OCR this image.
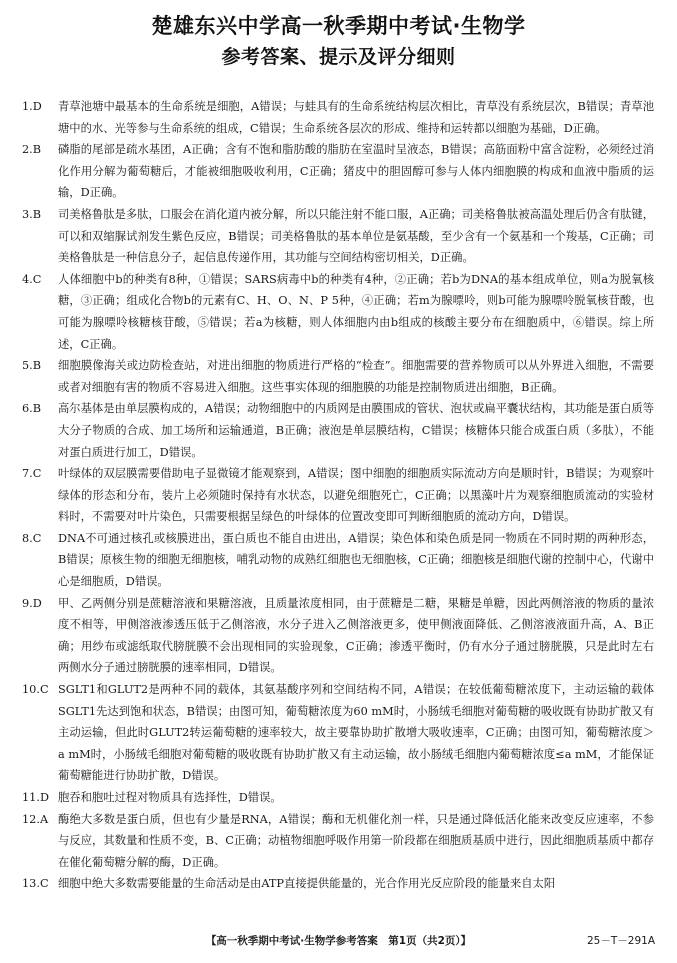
楚雄东兴中学高一秋季期中考试·生物学
参考答案、提示及评分细则
1.D 青草池塘中最基本的生命系统是细胞，A错误；与蛙具有的生命系统结构层次相比，青草没有系统层次，B错误；青草池塘中的水、光等参与生命系统的组成，C错误；生命系统各层次的形成、维持和运转都以细胞为基础，D正确。
2.B 磷脂的尾部是疏水基团，A正确；含有不饱和脂肪酸的脂肪在室温时呈液态，B错误；高筋面粉中富含淀粉，必须经过消化作用分解为葡萄糖后，才能被细胞吸收利用，C正确；猪皮中的胆固醇可参与人体内细胞膜的构成和血液中脂质的运输，D正确。
3.B 司美格鲁肽是多肽，口服会在消化道内被分解，所以只能注射不能口服，A正确；司美格鲁肽被高温处理后仍含有肽键，可以和双缩脲试剂发生紫色反应，B错误；司美格鲁肽的基本单位是氨基酸，至少含有一个氨基和一个羧基，C正确；司美格鲁肽是一种信息分子，起信息传递作用，其功能与空间结构密切相关，D正确。
4.C 人体细胞中b的种类有8种，①错误；SARS病毒中b的种类有4种，②正确；若b为DNA的基本组成单位，则a为脱氧核糖，③正确；组成化合物b的元素有C、H、O、N、P 5种，④正确；若m为腺嘌呤，则b可能为腺嘌呤脱氧核苷酸，也可能为腺嘌呤核糖核苷酸，⑤错误；若a为核糖，则人体细胞内由b组成的核酸主要分布在细胞质中，⑥错误。综上所述，C正确。
5.B 细胞膜像海关或边防检查站，对进出细胞的物质进行严格的“检查”。细胞需要的营养物质可以从外界进入细胞，不需要或者对细胞有害的物质不容易进入细胞。这些事实体现的细胞膜的功能是控制物质进出细胞，B正确。
6.B 高尔基体是由单层膜构成的，A错误；动物细胞中的内质网是由膜围成的管状、泡状或扁平囊状结构，其功能是蛋白质等大分子物质的合成、加工场所和运输通道，B正确；液泡是单层膜结构，C错误；核糖体只能合成蛋白质（多肽），不能对蛋白质进行加工，D错误。
7.C 叶绿体的双层膜需要借助电子显微镜才能观察到，A错误；图中细胞的细胞质实际流动方向是顺时针，B错误；为观察叶绿体的形态和分布，装片上必须随时保持有水状态，以避免细胞死亡，C正确；以黑藻叶片为观察细胞质流动的实验材料时，不需要对叶片染色，只需要根据呈绿色的叶绿体的位置改变即可判断细胞质的流动方向，D错误。
8.C DNA不可通过核孔或核膜进出，蛋白质也不能自由进出，A错误；染色体和染色质是同一物质在不同时期的两种形态，B错误；原核生物的细胞无细胞核，哺乳动物的成熟红细胞也无细胞核，C正确；细胞核是细胞代谢的控制中心，代谢中心是细胞质，D错误。
9.D 甲、乙两侧分别是蔗糖溶液和果糖溶液，且质量浓度相同，由于蔗糖是二糖，果糖是单糖，因此两侧溶液的物质的量浓度不相等，甲侧溶液渗透压低于乙侧溶液，水分子进入乙侧溶液更多，使甲侧液面降低、乙侧溶液液面升高，A、B正确；用纱布或滤纸取代膀胱膜不会出现相同的实验现象，C正确；渗透平衡时，仍有水分子通过膀胱膜，只是此时左右两侧水分子通过膀胱膜的速率相同，D错误。
10.C SGLT1和GLUT2是两种不同的载体，其氨基酸序列和空间结构不同，A错误；在较低葡萄糖浓度下，主动运输的载体SGLT1先达到饱和状态，B错误；由图可知，葡萄糖浓度为60 mM时，小肠绒毛细胞对葡萄糖的吸收既有协助扩散又有主动运输，但此时GLUT2转运葡萄糖的速率较大，故主要靠协助扩散增大吸收速率，C正确；由图可知，葡萄糖浓度＞a mM时，小肠绒毛细胞对葡萄糖的吸收既有协助扩散又有主动运输，故小肠绒毛细胞内葡萄糖浓度≤a mM，才能保证葡萄糖能进行协助扩散，D错误。
11.D 胞吞和胞吐过程对物质具有选择性，D错误。
12.A 酶绝大多数是蛋白质，但也有少量是RNA，A错误；酶和无机催化剂一样，只是通过降低活化能来改变反应速率，不参与反应，其数量和性质不变，B、C正确；动植物细胞呼吸作用第一阶段都在细胞质基质中进行，因此细胞质基质中都存在催化葡萄糖分解的酶，D正确。
13.C 细胞中绝大多数需要能量的生命活动是由ATP直接提供能量的，光合作用光反应阶段的能量来自太阳
【高一秋季期中考试·生物学参考答案　第1页（共2页）】	25－T－291A
